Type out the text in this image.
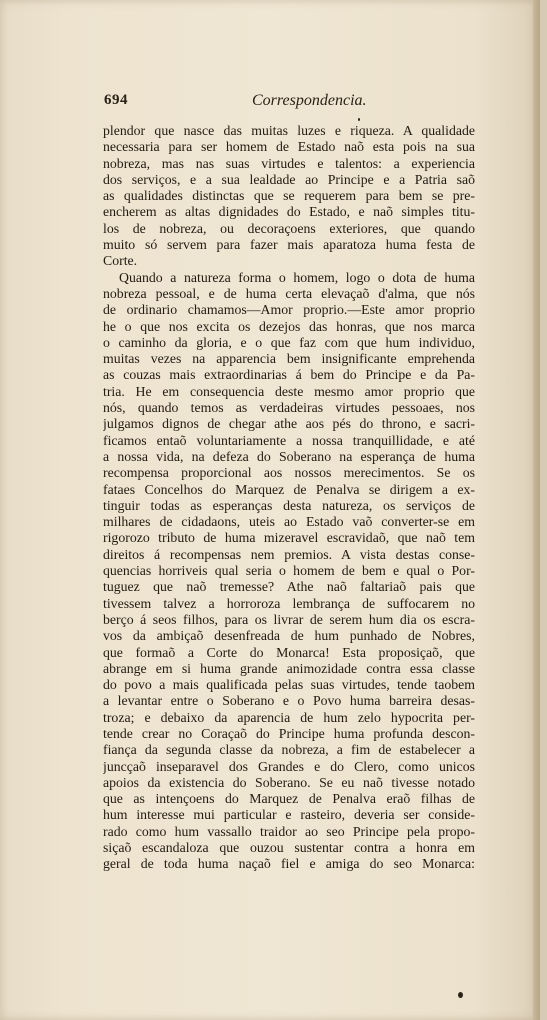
694	Correspondencia.
plendor que nasce das muitas luzes e riqueza. A qualidade
necessaria para ser homem de Estado naõ esta pois na sua
nobreza, mas nas suas virtudes e talentos: a experiencia
dos serviços, e a sua lealdade ao Principe e a Patria saõ
as qualidades distinctas que se requerem para bem se pre-
encherem as altas dignidades do Estado, e naõ simples titu-
los de nobreza, ou decoraçoens exteriores, que quando
muito só servem para fazer mais aparatoza huma festa de
Corte.
Quando a natureza forma o homem, logo o dota de huma
nobreza pessoal, e de huma certa elevaçaõ d'alma, que nós
de ordinario chamamos—Amor proprio.—Este amor proprio
he o que nos excita os dezejos das honras, que nos marca
o caminho da gloria, e o que faz com que hum individuo,
muitas vezes na apparencia bem insignificante emprehenda
as couzas mais extraordinarias á bem do Principe e da Pa-
tria. He em consequencia deste mesmo amor proprio que
nós, quando temos as verdadeiras virtudes pessoaes, nos
julgamos dignos de chegar athe aos pés do throno, e sacri-
ficamos entaõ voluntariamente a nossa tranquillidade, e até
a nossa vida, na defeza do Soberano na esperança de huma
recompensa proporcional aos nossos merecimentos. Se os
fataes Concelhos do Marquez de Penalva se dirigem a ex-
tinguir todas as esperanças desta natureza, os serviços de
milhares de cidadaons, uteis ao Estado vaõ converter-se em
rigorozo tributo de huma mizeravel escravidaõ, que naõ tem
direitos á recompensas nem premios. A vista destas conse-
quencias horriveis qual seria o homem de bem e qual o Por-
tuguez que naõ tremesse? Athe naõ faltariaõ pais que
tivessem talvez a horroroza lembrança de suffocarem no
berço á seos filhos, para os livrar de serem hum dia os escra-
vos da ambiçaõ desenfreada de hum punhado de Nobres,
que formaõ a Corte do Monarca! Esta proposiçaõ, que
abrange em si huma grande animozidade contra essa classe
do povo a mais qualificada pelas suas virtudes, tende taobem
a levantar entre o Soberano e o Povo huma barreira desas-
troza; e debaixo da aparencia de hum zelo hypocrita per-
tende crear no Coraçaõ do Principe huma profunda descon-
fiança da segunda classe da nobreza, a fim de estabelecer a
juncçaõ inseparavel dos Grandes e do Clero, como unicos
apoios da existencia do Soberano. Se eu naõ tivesse notado
que as intençoens do Marquez de Penalva eraõ filhas de
hum interesse mui particular e rasteiro, deveria ser conside-
rado como hum vassallo traidor ao seo Principe pela propo-
siçaõ escandaloza que ouzou sustentar contra a honra em
geral de toda huma naçaõ fiel e amiga do seo Monarca:
